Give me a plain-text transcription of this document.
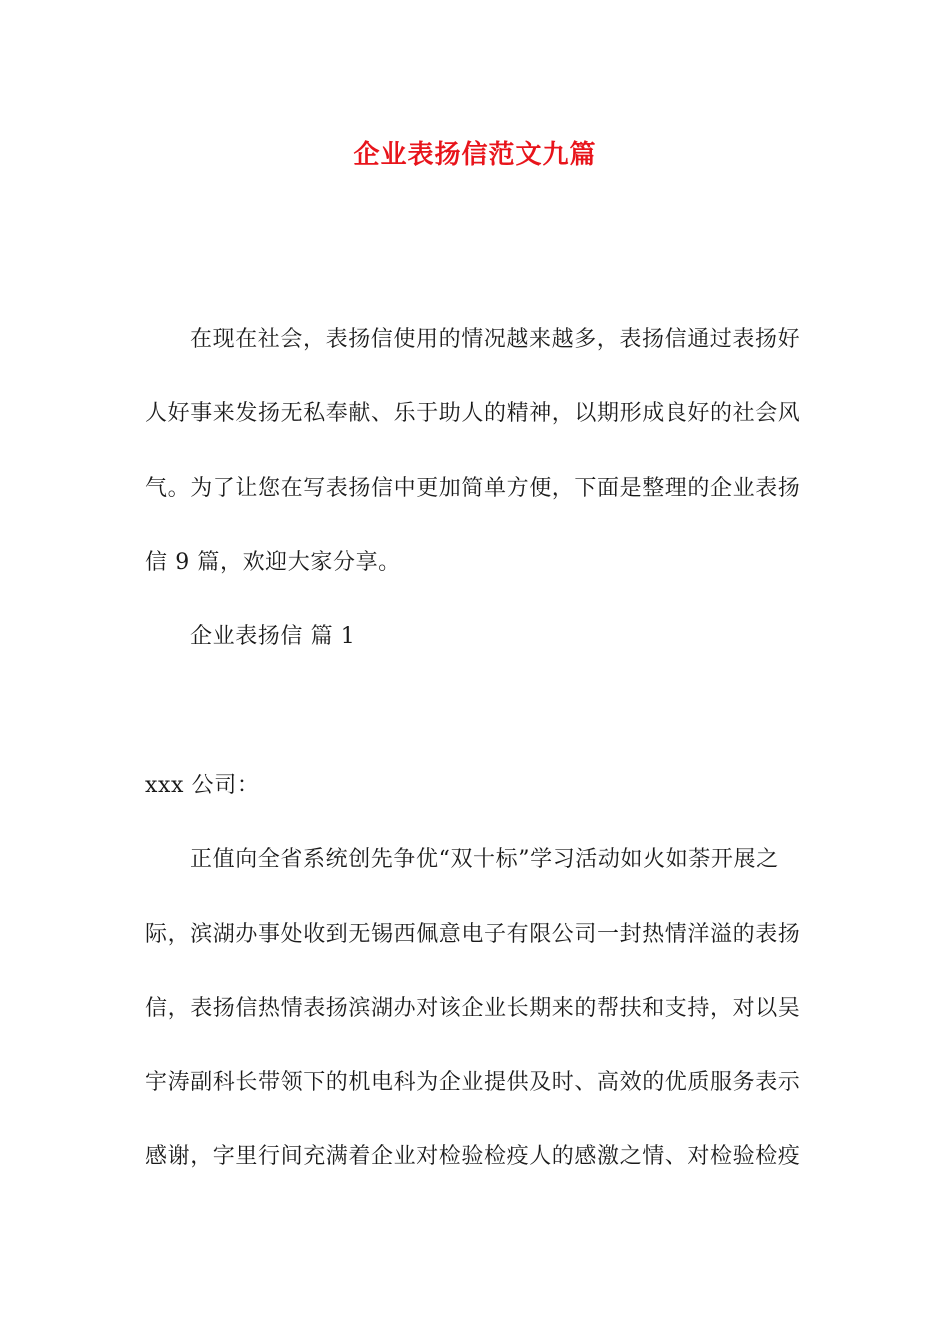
企业表扬信范文九篇
在现在社会，表扬信使用的情况越来越多，表扬信通过表扬好
人好事来发扬无私奉献、乐于助人的精神，以期形成良好的社会风
气。为了让您在写表扬信中更加简单方便，下面是整理的企业表扬
信 9 篇，欢迎大家分享。
企业表扬信 篇 1
xxx 公司：
正值向全省系统创先争优“双十标”学习活动如火如荼开展之
际，滨湖办事处收到无锡西佩意电子有限公司一封热情洋溢的表扬
信，表扬信热情表扬滨湖办对该企业长期来的帮扶和支持，对以吴
宇涛副科长带领下的机电科为企业提供及时、高效的优质服务表示
感谢，字里行间充满着企业对检验检疫人的感激之情、对检验检疫
